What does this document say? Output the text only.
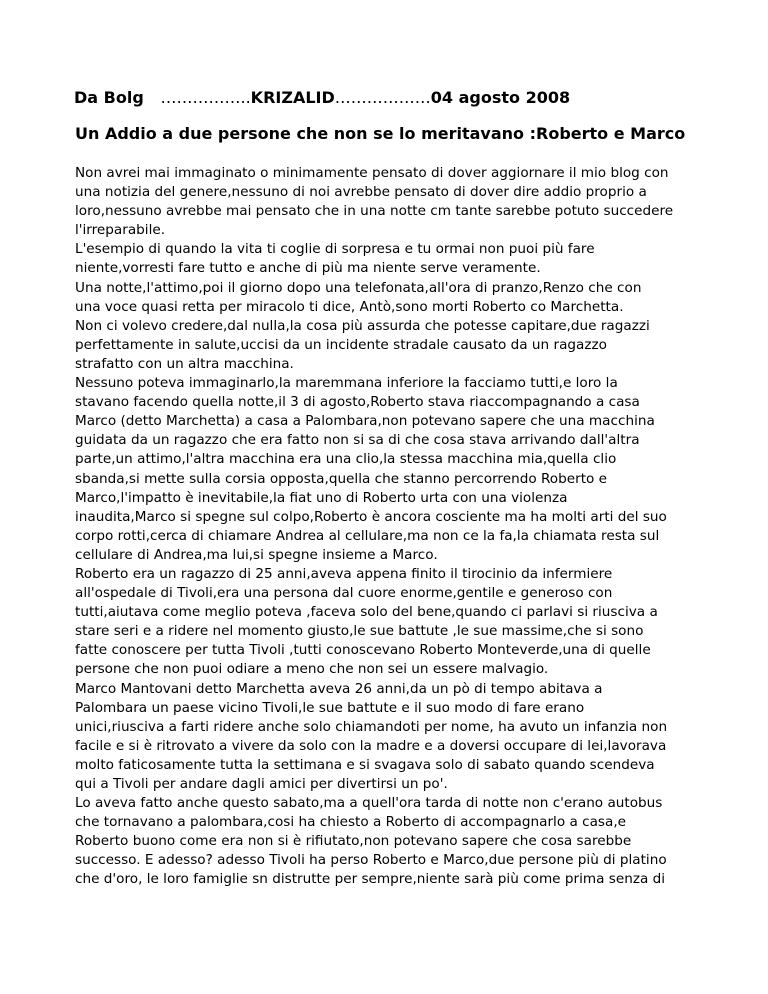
Da Bolg ……………..KRIZALID………………04 agosto 2008
Un Addio a due persone che non se lo meritavano :Roberto e Marco
Non avrei mai immaginato o minimamente pensato di dover aggiornare il mio blog con
una notizia del genere,nessuno di noi avrebbe pensato di dover dire addio proprio a
loro,nessuno avrebbe mai pensato che in una notte cm tante sarebbe potuto succedere
l'irreparabile.
L'esempio di quando la vita ti coglie di sorpresa e tu ormai non puoi più fare
niente,vorresti fare tutto e anche di più ma niente serve veramente.
Una notte,l'attimo,poi il giorno dopo una telefonata,all'ora di pranzo,Renzo che con
una voce quasi retta per miracolo ti dice, Antò,sono morti Roberto co Marchetta.
Non ci volevo credere,dal nulla,la cosa più assurda che potesse capitare,due ragazzi
perfettamente in salute,uccisi da un incidente stradale causato da un ragazzo
strafatto con un altra macchina.
Nessuno poteva immaginarlo,la maremmana inferiore la facciamo tutti,e loro la
stavano facendo quella notte,il 3 di agosto,Roberto stava riaccompagnando a casa
Marco (detto Marchetta) a casa a Palombara,non potevano sapere che una macchina
guidata da un ragazzo che era fatto non si sa di che cosa stava arrivando dall'altra
parte,un attimo,l'altra macchina era una clio,la stessa macchina mia,quella clio
sbanda,si mette sulla corsia opposta,quella che stanno percorrendo Roberto e
Marco,l'impatto è inevitabile,la fiat uno di Roberto urta con una violenza
inaudita,Marco si spegne sul colpo,Roberto è ancora cosciente ma ha molti arti del suo
corpo rotti,cerca di chiamare Andrea al cellulare,ma non ce la fa,la chiamata resta sul
cellulare di Andrea,ma lui,si spegne insieme a Marco.
Roberto era un ragazzo di 25 anni,aveva appena finito il tirocinio da infermiere
all'ospedale di Tivoli,era una persona dal cuore enorme,gentile e generoso con
tutti,aiutava come meglio poteva ,faceva solo del bene,quando ci parlavi si riusciva a
stare seri e a ridere nel momento giusto,le sue battute ,le sue massime,che si sono
fatte conoscere per tutta Tivoli ,tutti conoscevano Roberto Monteverde,una di quelle
persone che non puoi odiare a meno che non sei un essere malvagio.
Marco Mantovani detto Marchetta aveva 26 anni,da un pò di tempo abitava a
Palombara un paese vicino Tivoli,le sue battute e il suo modo di fare erano
unici,riusciva a farti ridere anche solo chiamandoti per nome, ha avuto un infanzia non
facile e si è ritrovato a vivere da solo con la madre e a doversi occupare di lei,lavorava
molto faticosamente tutta la settimana e si svagava solo di sabato quando scendeva
qui a Tivoli per andare dagli amici per divertirsi un po'.
Lo aveva fatto anche questo sabato,ma a quell'ora tarda di notte non c'erano autobus
che tornavano a palombara,cosi ha chiesto a Roberto di accompagnarlo a casa,e
Roberto buono come era non si è rifiutato,non potevano sapere che cosa sarebbe
successo. E adesso? adesso Tivoli ha perso Roberto e Marco,due persone più di platino
che d'oro, le loro famiglie sn distrutte per sempre,niente sarà più come prima senza di
